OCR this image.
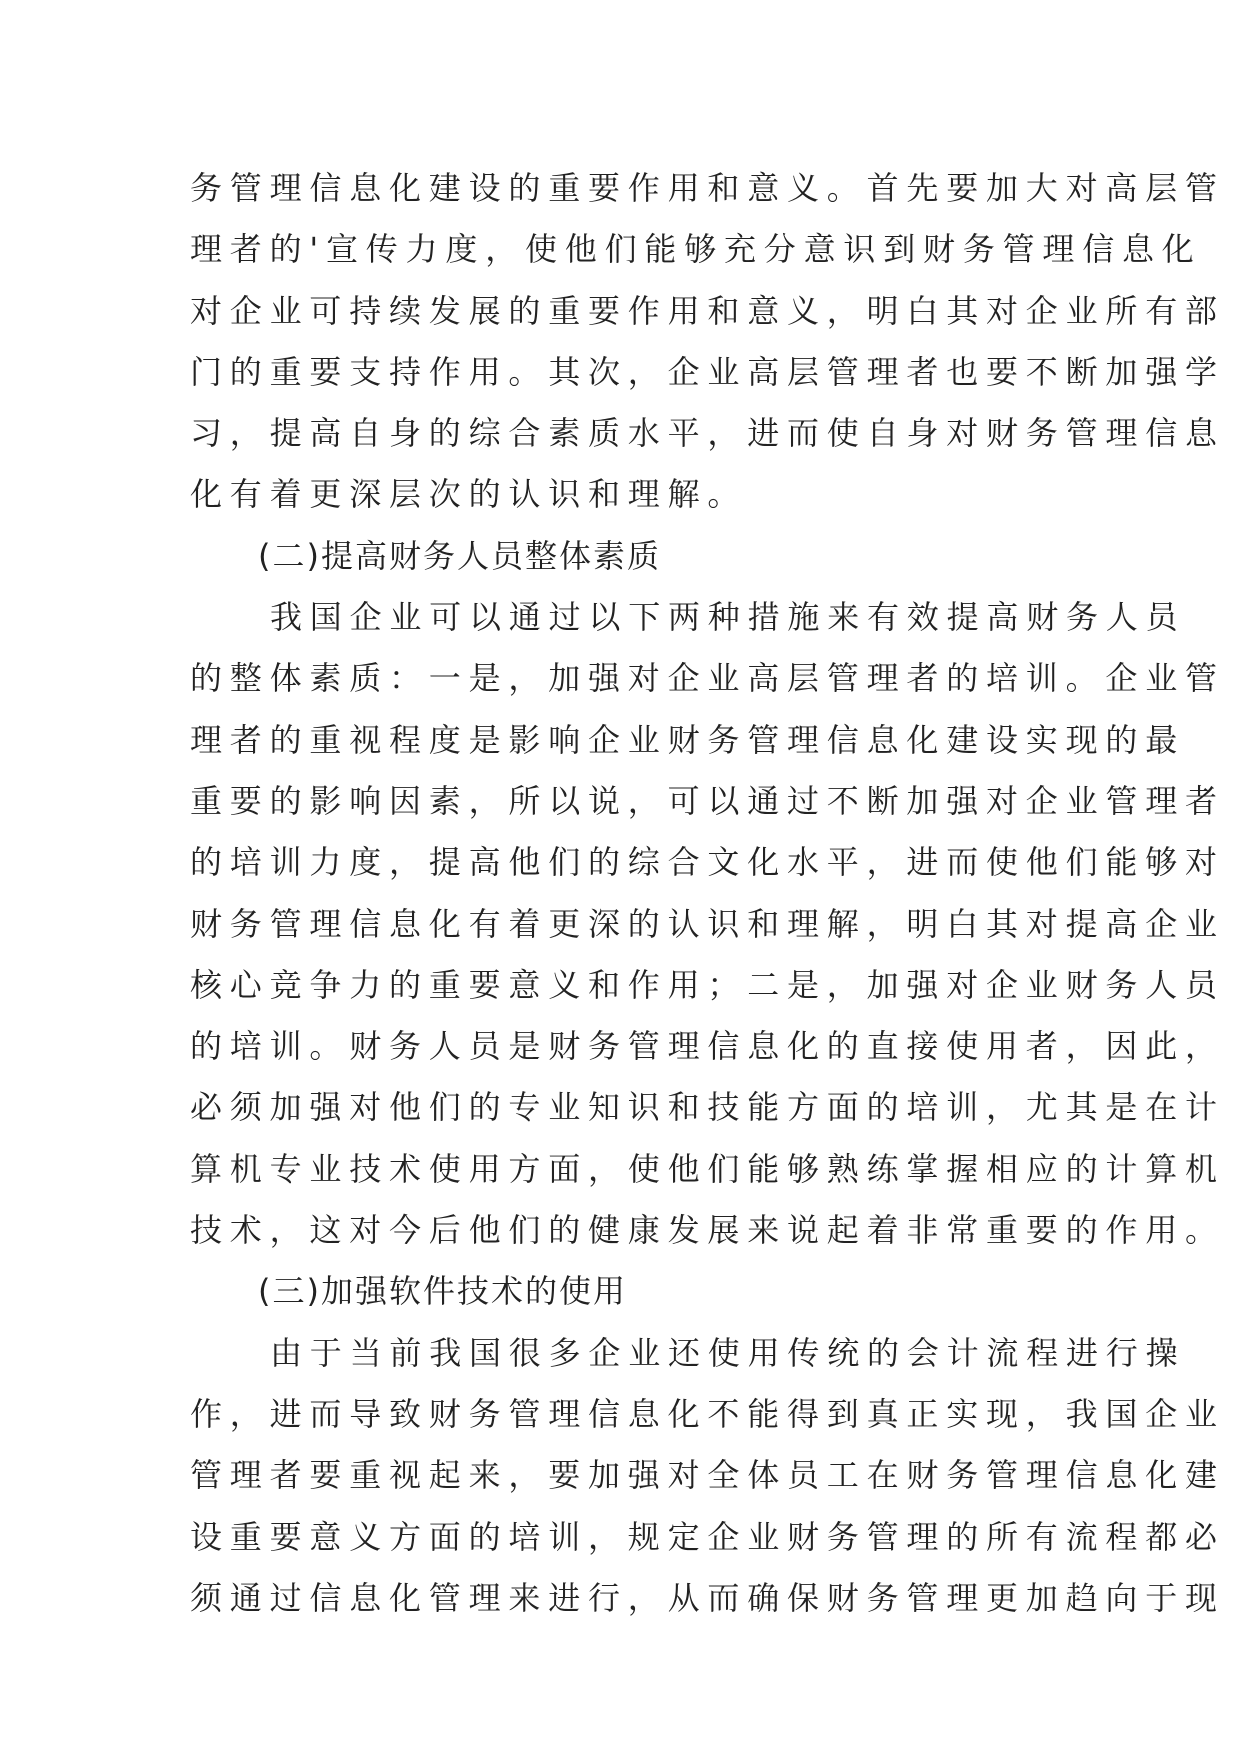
务管理信息化建设的重要作用和意义。首先要加大对高层管
理者的'宣传力度，使他们能够充分意识到财务管理信息化
对企业可持续发展的重要作用和意义，明白其对企业所有部
门的重要支持作用。其次，企业高层管理者也要不断加强学
习，提高自身的综合素质水平，进而使自身对财务管理信息
化有着更深层次的认识和理解。
(二)提高财务人员整体素质
我国企业可以通过以下两种措施来有效提高财务人员
的整体素质：一是，加强对企业高层管理者的培训。企业管
理者的重视程度是影响企业财务管理信息化建设实现的最
重要的影响因素，所以说，可以通过不断加强对企业管理者
的培训力度，提高他们的综合文化水平，进而使他们能够对
财务管理信息化有着更深的认识和理解，明白其对提高企业
核心竞争力的重要意义和作用；二是，加强对企业财务人员
的培训。财务人员是财务管理信息化的直接使用者，因此，
必须加强对他们的专业知识和技能方面的培训，尤其是在计
算机专业技术使用方面，使他们能够熟练掌握相应的计算机
技术，这对今后他们的健康发展来说起着非常重要的作用。
(三)加强软件技术的使用
由于当前我国很多企业还使用传统的会计流程进行操
作，进而导致财务管理信息化不能得到真正实现，我国企业
管理者要重视起来，要加强对全体员工在财务管理信息化建
设重要意义方面的培训，规定企业财务管理的所有流程都必
须通过信息化管理来进行，从而确保财务管理更加趋向于现
